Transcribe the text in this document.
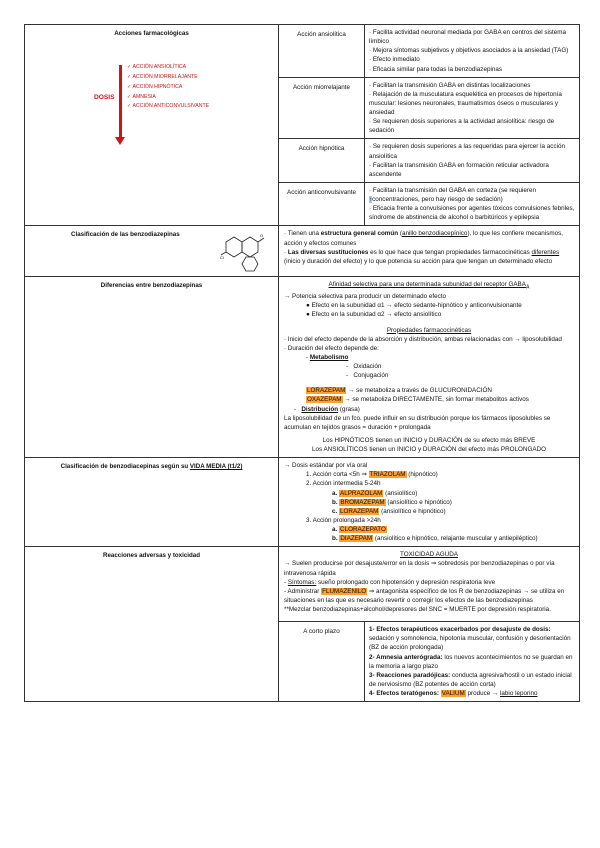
Acciones farmacológicas
DOSIS
✓ ACCIÓN ANSIOLÍTICA
✓ ACCIÓN MIORRELAJANTE
✓ ACCIÓN HIPNÓTICA
✓ AMNESIA
✓ ACCIÓN ANTICONVULSIVANTE
Acción ansiolítica	· Facilita actividad neuronal mediada por GABA en centros del sistema límbico

· Mejora síntomas subjetivos y objetivos asociados a la ansiedad (TAG)

· Efecto inmediato

· Eficacia similar para todas la benzodiazepinas

Acción miorrelajante	· Facilitan la transmisión GABA en distintas localizaciones

· Relajación de la musculatura esquelética en procesos de hipertonía muscular: lesiones neuronales, traumatismos óseos o musculares y ansiedad

· Se requieren dosis superiores a la actividad ansiolítica: riesgo de sedación

Acción hipnótica	· Se requieren dosis superiores a las requeridas para ejercer la acción ansiolítica

· Facilitan la transmisión GABA en formación reticular activadora ascendente

Acción anticonvulsivante	· Facilitan la transmisión del GABA en corteza (se requieren ↑concentraciones, pero hay riesgo de sedación)

· Eficacia frente a convulsiones por agentes tóxicos convulsiones febriles, síndrome de abstinencia de alcohol o barbitúricos y epilepsia

Clasificación de las benzodiazepinas	O
Cl

· Tienen una estructura general común (anillo benzodiacepínico), lo que les confiere mecanismos, acción y efectos comunes

· Las diversas sustituciones es lo que hace que tengan propiedades farmacocinéticas diferentes (inicio y duración del efecto) y lo que potencia su acción para que tengan un determinado efecto

Diferencias entre benzodiazepinas	Afinidad selectiva para una determinada subunidad del receptor $GABA_A$

→ Potencia selectiva para producir un determinado efecto

● Efecto en la subunidad α1 → efecto sedante-hipnótico y anticonvulsionante

● Efecto en la subunidad α2 → efecto ansiolítico

Propiedades farmacocinéticas

· Inicio del efecto depende de la absorción y distribución, ambas relacionadas con → liposolubilidad

· Duración del efecto depende de:

- Metabolismo

-   Oxidación

-   Conjugación

LORAZEPAM → se metaboliza a través de GLUCURONIDACIÓN

OXAZEPAM → se metaboliza DIRECTAMENTE, sin formar metabolitos activos

-   Distribución (grasa)

La liposolubilidad de un fco. puede influir en su distribución porque los fármacos liposolubles se acumulan en tejidos grasos = duración + prolongada

Los HIPNÓTICOS tienen un INICIO y DURACIÓN de su efecto más BREVE

Los ANSIOLÍTICOS tienen un INICIO y DURACIÓN del efecto más PROLONGADO

Clasificación de benzodiacepinas según su VIDA MEDIA (t1/2)	→ Dosis estándar por vía oral

1. Acción corta <5h ⇒ TRIAZOLAM (hipnótico)

2. Acción intermedia 5-24h

a. ALPRAZOLAM (ansiolítico)

b. BROMAZEPAM (ansiolítico e hipnótico)

c. LORAZEPAM (ansiolítico e hipnótico)

3. Acción prolongada >24h

a. CLORAZEPATO

b. DIAZEPAM (ansiolítico e hipnótico, relajante muscular y antiepiléptico)

Reacciones adversas y toxicidad	TOXICIDAD AGUDA

→ Suelen producirse por desajuste/error en la dosis ⇒ sobredosis por benzodiazepinas o por vía intravenosa rápida

- Síntomas: sueño prolongado con hipotensión y depresión respiratoria leve

- Administrar FLUMAZENILO ⇒ antagonista específico de los R de benzodiazepinas → se utiliza en situaciones en las que es necesario revertir o corregir los efectos de las benzodiazepinas

**Mezclar benzodiazepinas+alcohol/depresores del SNC = MUERTE por depresión respiratoria.

A corto plazo	1- Efectos terapéuticos exacerbados por desajuste de dosis: sedación y somnolencia, hipotonía muscular, confusión y desorientación (BZ de acción prolongada)

2- Amnesia anterógrada: los nuevos acontecimientos no se guardan en la memoria a largo plazo

3- Reacciones paradójicas: conducta agresiva/hostil o un estado inicial de nerviosismo (BZ potentes de acción corta)

4- Efectos teratógenos: VALIUM produce → labio leporino
